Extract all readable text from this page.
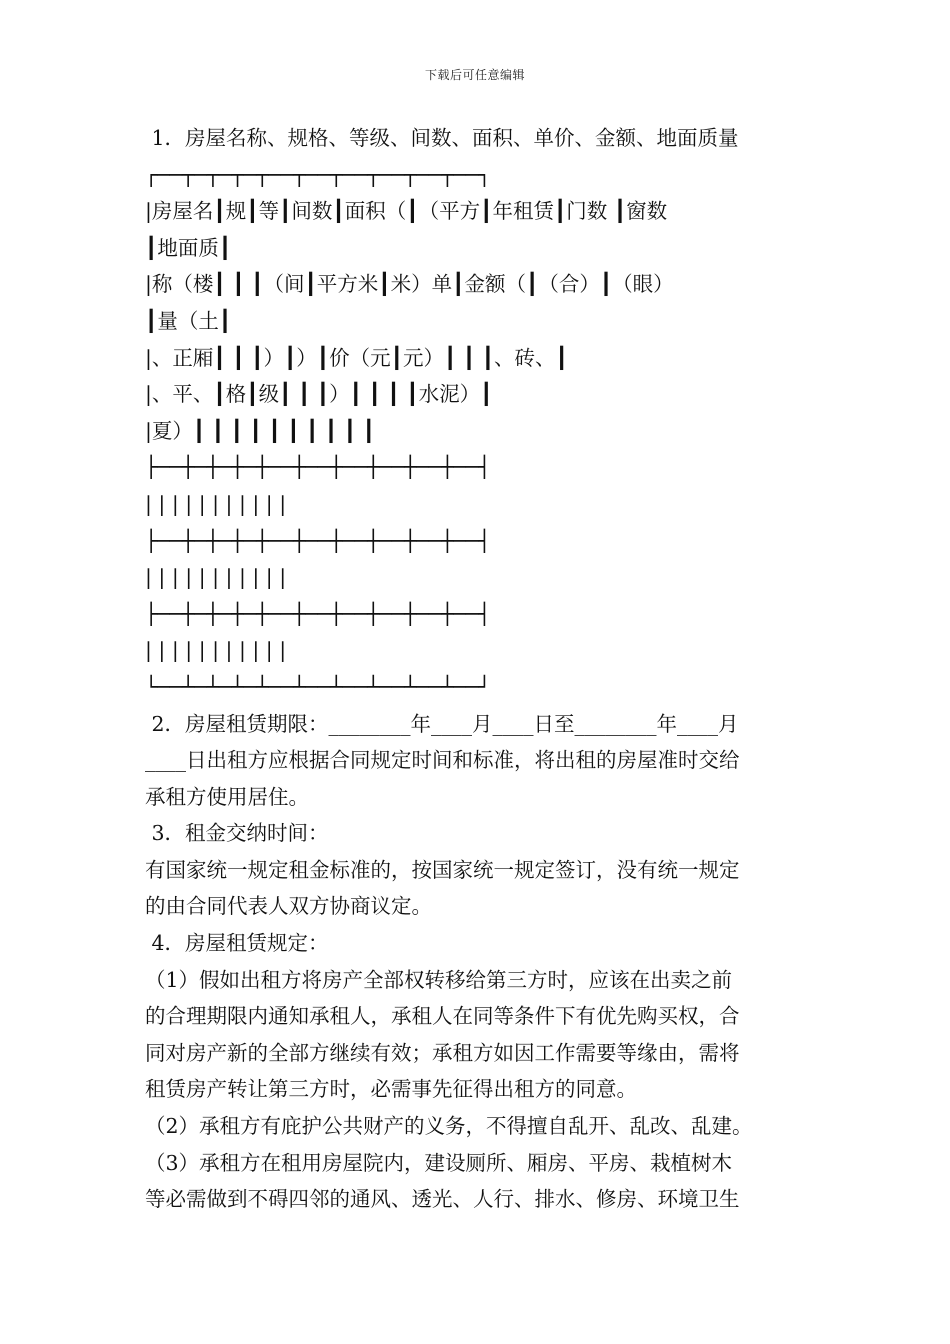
下载后可任意编辑
1．房屋名称、规格、等级、间数、面积、单价、金额、地面质量
┌──┬─┬─┬─┬──┬──┬──┬──┬──┬──┐
|房屋名┃规┃等┃间数┃面积（┃（平方┃年租赁┃门数 ┃窗数
┃地面质┃
|称（楼┃ ┃ ┃（间┃平方米┃米）单┃金额（┃（合）┃（眼）
┃量（土┃
|、正厢┃ ┃ ┃）┃）┃价（元┃元）┃ ┃ ┃、砖、┃
|、平、┃格┃级┃ ┃ ┃）┃ ┃ ┃ ┃水泥）┃
|夏）┃ ┃ ┃ ┃ ┃ ┃ ┃ ┃ ┃ ┃
├──┼─┼─┼─┼──┼──┼──┼──┼──┼──┤
| | | | | | | | | | |
├──┼─┼─┼─┼──┼──┼──┼──┼──┼──┤
| | | | | | | | | | |
├──┼─┼─┼─┼──┼──┼──┼──┼──┼──┤
| | | | | | | | | | |
└──┴─┴─┴─┴──┴──┴──┴──┴──┴──┘
2．房屋租赁期限：________年____月____日至________年____月
____日出租方应根据合同规定时间和标准，将出租的房屋准时交给
承租方使用居住。
3．租金交纳时间：
有国家统一规定租金标准的，按国家统一规定签订，没有统一规定
的由合同代表人双方协商议定。
4．房屋租赁规定：
（1）假如出租方将房产全部权转移给第三方时，应该在出卖之前
的合理期限内通知承租人，承租人在同等条件下有优先购买权，合
同对房产新的全部方继续有效；承租方如因工作需要等缘由，需将
租赁房产转让第三方时，必需事先征得出租方的同意。
（2）承租方有庇护公共财产的义务，不得擅自乱开、乱改、乱建。
（3）承租方在租用房屋院内，建设厕所、厢房、平房、栽植树木
等必需做到不碍四邻的通风、透光、人行、排水、修房、环境卫生
